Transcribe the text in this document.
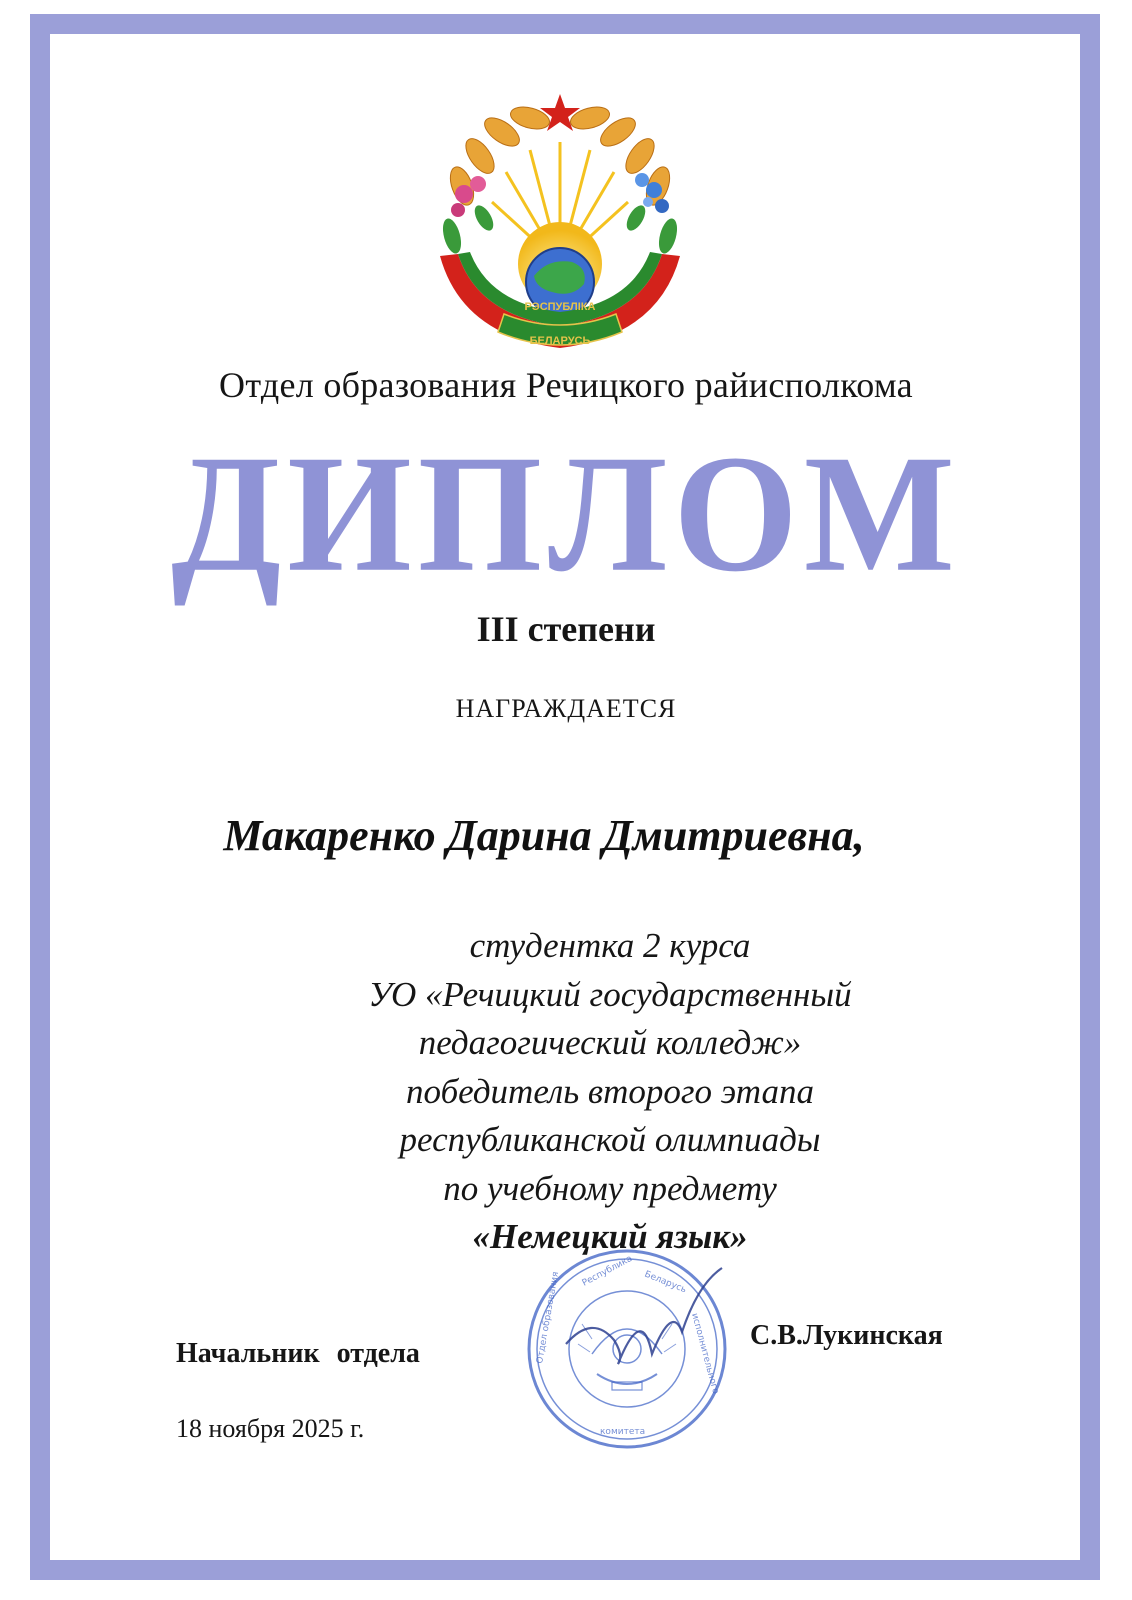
РЭСПУБЛІКА
БЕЛАРУСЬ
Отдел образования Речицкого райисполкома
ДИПЛОМ
III степени
НАГРАЖДАЕТСЯ
Макаренко Дарина Дмитриевна,
студентка 2 курса
УО «Речицкий государственный
педагогический колледж»
победитель второго этапа
республиканской олимпиады
по учебному предмету
«Немецкий язык»
Республика Беларусь
Отдел образования	исполнительного
комитета
Начальник отдела
С.В.Лукинская
18 ноября 2025 г.
